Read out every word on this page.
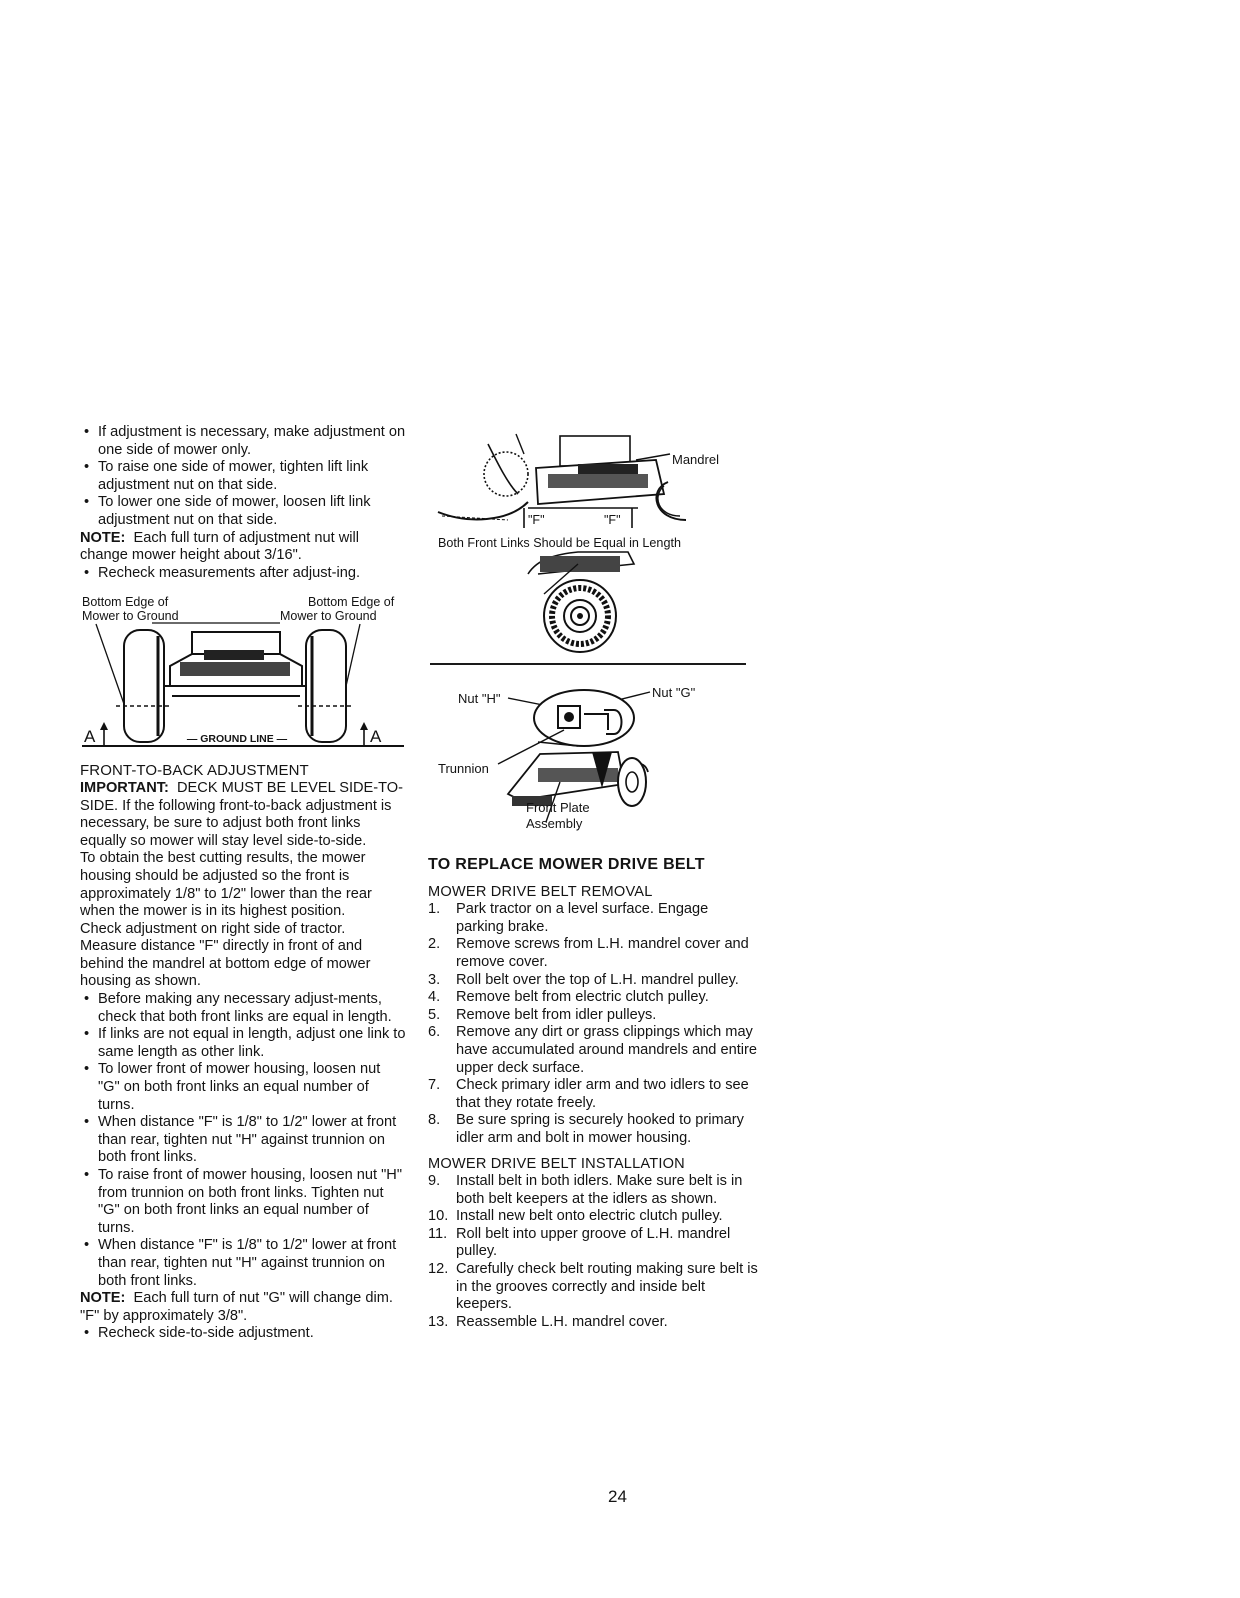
• If adjustment is necessary, make adjustment on one side of mower only.

• To raise one side of mower, tighten lift link adjustment nut on that side.

• To lower one side of mower, loosen lift link adjustment nut on that side.

NOTE: Each full turn of adjustment nut will change mower height about 3/16".

• Recheck measurements after adjust-ing.

Bottom Edge of
Mower to Ground
Bottom Edge of
Mower to Ground
— GROUND LINE —
A	A

FRONT-TO-BACK ADJUSTMENT

IMPORTANT: DECK MUST BE LEVEL SIDE-TO-SIDE. If the following front-to-back adjustment is necessary, be sure to adjust both front links equally so mower will stay level side-to-side.

To obtain the best cutting results, the mower housing should be adjusted so the front is approximately 1/8" to 1/2" lower than the rear when the mower is in its highest position.

Check adjustment on right side of tractor. Measure distance "F" directly in front of and behind the mandrel at bottom edge of mower housing as shown.

• Before making any necessary adjust-ments, check that both front links are equal in length.

• If links are not equal in length, adjust one link to same length as other link.

• To lower front of mower housing, loosen nut "G" on both front links an equal number of turns.

• When distance "F" is 1/8" to 1/2" lower at front than rear, tighten nut "H" against trunnion on both front links.

• To raise front of mower housing, loosen nut "H" from trunnion on both front links. Tighten nut "G" on both front links an equal number of turns.

• When distance "F" is 1/8" to 1/2" lower at front than rear, tighten nut "H" against trunnion on both front links.

NOTE: Each full turn of nut "G" will change dim. "F" by approximately 3/8".

• Recheck side-to-side adjustment.

Mandrel
"F"	"F"
Both Front Links Should be Equal in Length
Nut "H"	Nut "G"
Trunnion
Front Plate
Assembly

TO REPLACE MOWER DRIVE BELT

MOWER DRIVE BELT REMOVAL

1. Park tractor on a level surface. Engage parking brake.

2. Remove screws from L.H. mandrel cover and remove cover.

3. Roll belt over the top of L.H. mandrel pulley.

4. Remove belt from electric clutch pulley.

5. Remove belt from idler pulleys.

6. Remove any dirt or grass clippings which may have accumulated around mandrels and entire upper deck surface.

7. Check primary idler arm and two idlers to see that they rotate freely.

8. Be sure spring is securely hooked to primary idler arm and bolt in mower housing.

MOWER DRIVE BELT INSTALLATION

9. Install belt in both idlers. Make sure belt is in both belt keepers at the idlers as shown.

10. Install new belt onto electric clutch pulley.

11. Roll belt into upper groove of L.H. mandrel pulley.

12. Carefully check belt routing making sure belt is in the grooves correctly and inside belt keepers.

13. Reassemble L.H. mandrel cover.

24
